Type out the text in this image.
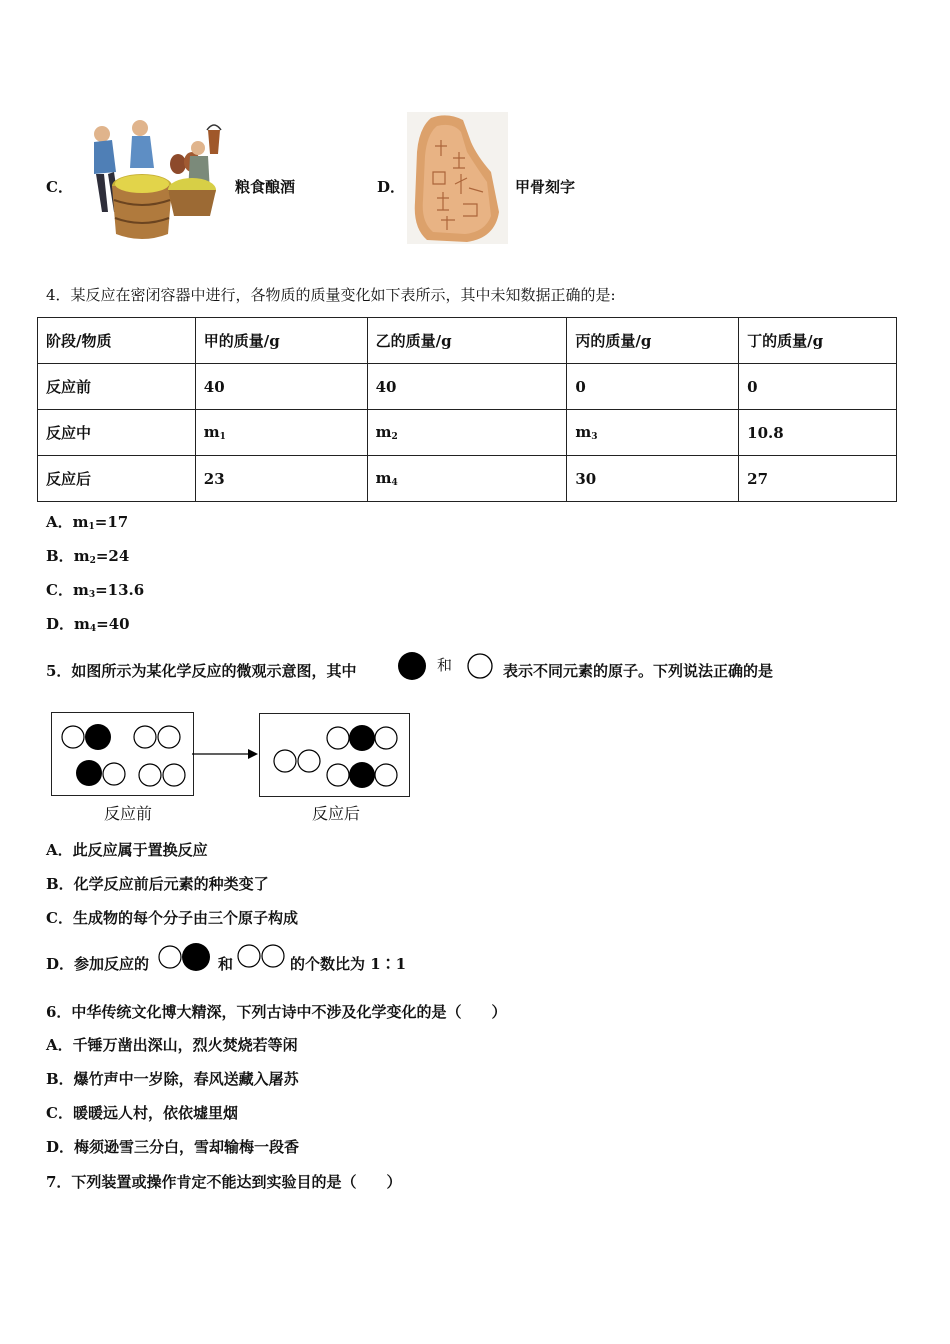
C．	粮食酿酒	D．	甲骨刻字
4．某反应在密闭容器中进行，各物质的质量变化如下表所示，其中未知数据正确的是:
阶段/物质	甲的质量/g	乙的质量/g	丙的质量/g	丁的质量/g
反应前	40	40	0	0
反应中	$m_1$	$m_2$	$m_3$	10.8
反应后	23	$m_4$	30	27
A．$m_1=17$
B．$m_2=24$
C．$m_3=13.6$
D．$m_4=40$
5．如图所示为某化学反应的微观示意图，其中	和	表示不同元素的原子。下列说法正确的是
反应前	反应后
A．此反应属于置换反应
B．化学反应前后元素的种类变了
C．生成物的每个分子由三个原子构成
D．参加反应的	和	的个数比为 1∶1
6．中华传统文化博大精深，下列古诗中不涉及化学变化的是（　　）
A．千锤万凿出深山，烈火焚烧若等闲
B．爆竹声中一岁除，春风送藏入屠苏
C．暖暖远人村，依依墟里烟
D．梅须逊雪三分白，雪却输梅一段香
7．下列装置或操作肯定不能达到实验目的是（　　）
